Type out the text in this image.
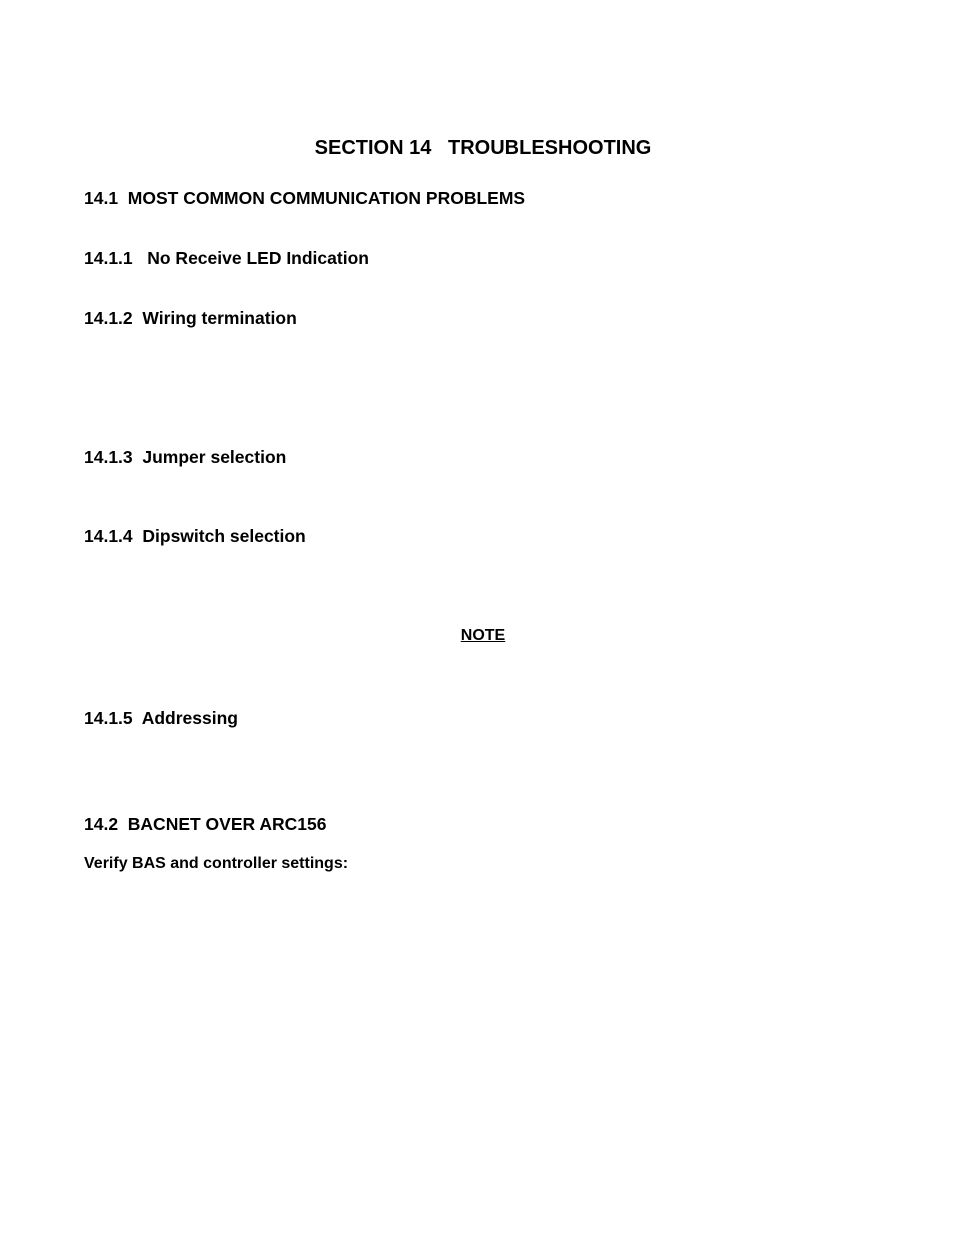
SECTION 14   TROUBLESHOOTING
14.1  MOST COMMON COMMUNICATION PROBLEMS
14.1.1   No Receive LED Indication
14.1.2  Wiring termination
14.1.3  Jumper selection
14.1.4  Dipswitch selection
NOTE
14.1.5  Addressing
14.2  BACNET OVER ARC156

Verify BAS and controller settings:
